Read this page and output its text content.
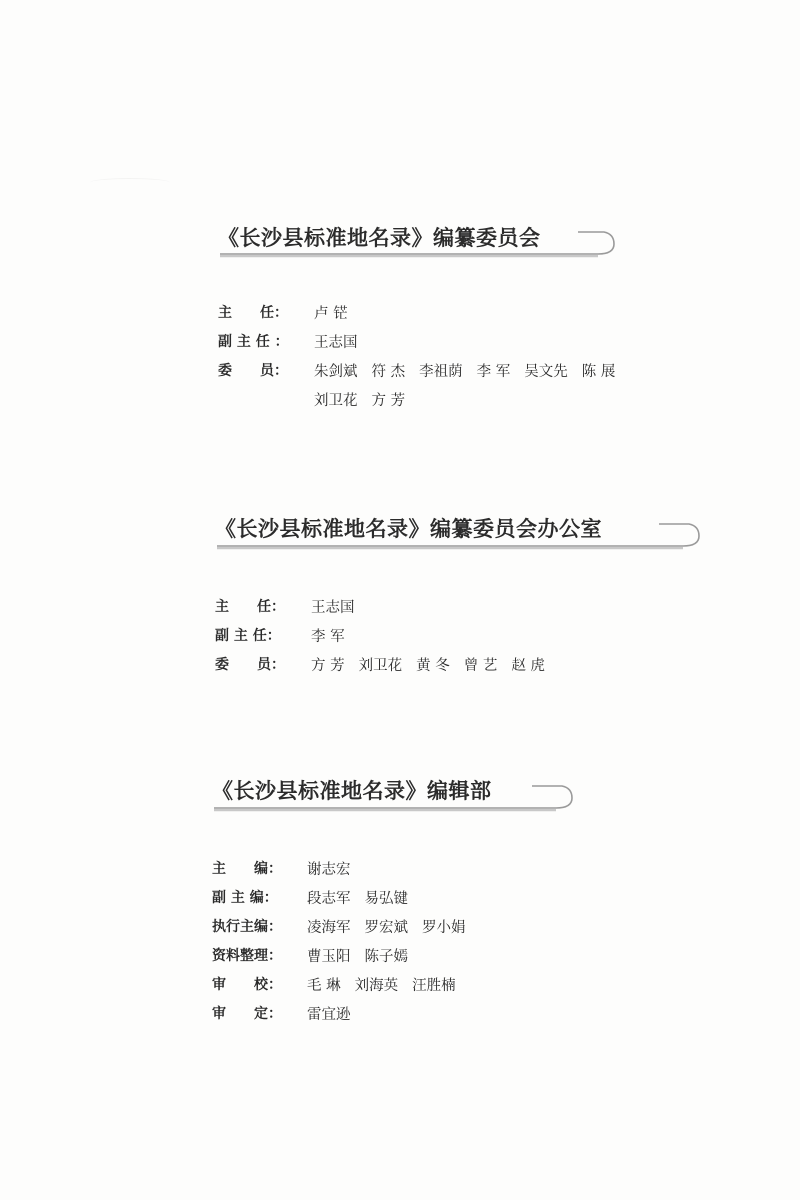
《长沙县标准地名录》编纂委员会
主　　任： 卢 铓
副 主 任 ： 王志国
委　　员： 朱剑斌 符 杰 李祖荫 李 军 吴文先 陈 展
刘卫花 方 芳
《长沙县标准地名录》编纂委员会办公室
主　　任： 王志国
副 主 任： 李 军
委　　员： 方 芳 刘卫花 黄 冬 曾 艺 赵 虎
《长沙县标准地名录》编辑部
主　　编： 谢志宏
副 主 编： 段志军 易弘键
执行主编： 凌海军 罗宏斌 罗小娟
资料整理： 曹玉阳 陈子嫣
审　　校： 毛 琳 刘海英 汪胜楠
审　　定： 雷宜逊
